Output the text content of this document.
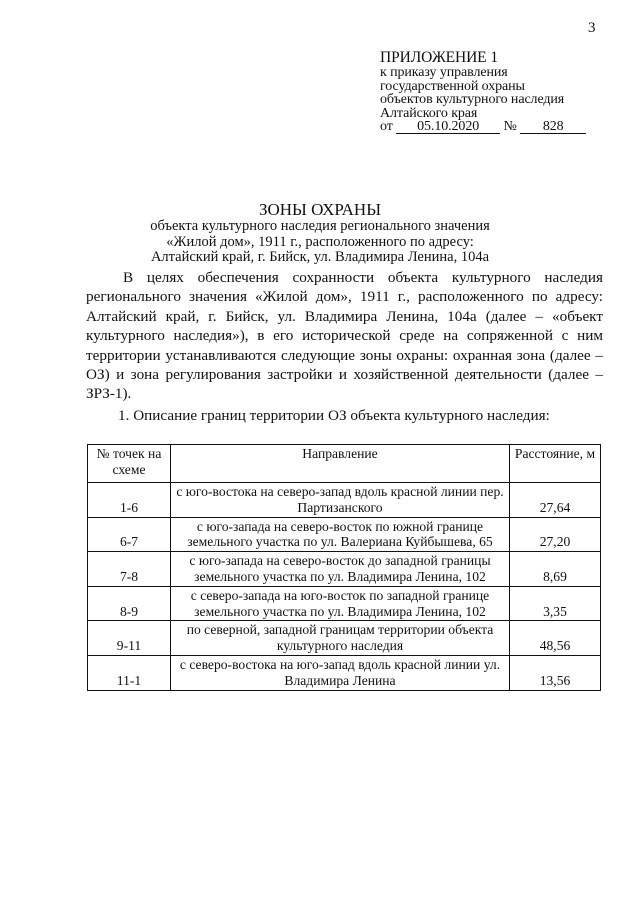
3
ПРИЛОЖЕНИЕ 1
к приказу управления
государственной охраны
объектов культурного наследия
Алтайского края
от 05.10.2020 № 828
ЗОНЫ ОХРАНЫ
объекта культурного наследия регионального значения
«Жилой дом», 1911 г., расположенного по адресу:
Алтайский край, г. Бийск, ул. Владимира Ленина, 104а

В целях обеспечения сохранности объекта культурного наследия регионального значения «Жилой дом», 1911 г., расположенного по адресу: Алтайский край, г. Бийск, ул. Владимира Ленина, 104а (далее – «объект культурного наследия»), в его исторической среде на сопряженной с ним территории устанавливаются следующие зоны охраны: охранная зона (далее – ОЗ) и зона регулирования застройки и хозяйственной деятельности (далее – ЗРЗ-1).

1. Описание границ территории ОЗ объекта культурного наследия:
№ точек на схеме	Направление	Расстояние, м
1-6	с юго-востока на северо-запад вдоль красной линии пер. Партизанского	27,64
6-7	с юго-запада на северо-восток по южной границе земельного участка по ул. Валериана Куйбышева, 65	27,20
7-8	с юго-запада на северо-восток до западной границы земельного участка по ул. Владимира Ленина, 102	8,69
8-9	с северо-запада на юго-восток по западной границе земельного участка по ул. Владимира Ленина, 102	3,35
9-11	по северной, западной границам территории объекта культурного наследия	48,56
11-1	с северо-востока на юго-запад вдоль красной линии ул. Владимира Ленина	13,56
